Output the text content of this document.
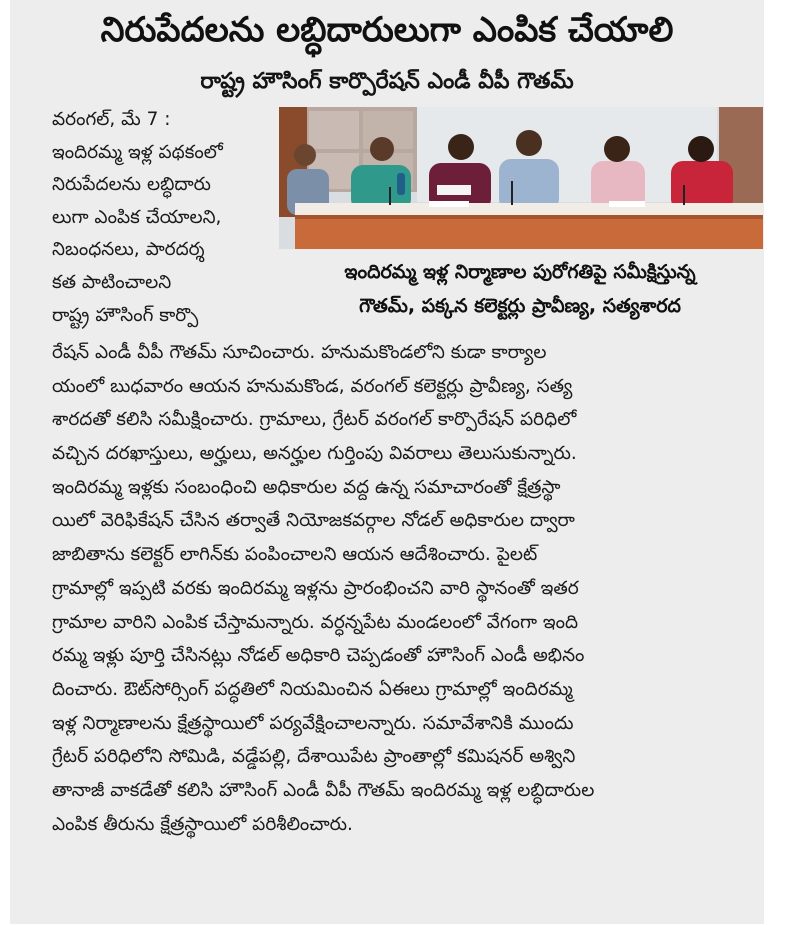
నిరుపేదలను లబ్ధిదారులుగా ఎంపిక చేయాలి
రాష్ట్ర హౌసింగ్ కార్పొరేషన్ ఎండీ వీపీ గౌతమ్
వరంగల్, మే 7 :
ఇందిరమ్మ ఇళ్ల పథకంలో
నిరుపేదలను లబ్ధిదారు
లుగా ఎంపిక చేయాలని,
నిబంధనలు, పారదర్శ
కత పాటించాలని
రాష్ట్ర హౌసింగ్ కార్పొ
ఇందిరమ్మ ఇళ్ల నిర్మాణాల పురోగతిపై సమీక్షిస్తున్న
గౌతమ్, పక్కన కలెక్టర్లు ప్రావీణ్య, సత్యశారద
రేషన్ ఎండీ వీపీ గౌతమ్ సూచించారు. హనుమకొండలోని కుడా కార్యాల
యంలో బుధవారం ఆయన హనుమకొండ, వరంగల్ కలెక్టర్లు ప్రావీణ్య, సత్య
శారదతో కలిసి సమీక్షించారు. గ్రామాలు, గ్రేటర్ వరంగల్ కార్పొరేషన్ పరిధిలో
వచ్చిన దరఖాస్తులు, అర్హులు, అనర్హుల గుర్తింపు వివరాలు తెలుసుకున్నారు.
ఇందిరమ్మ ఇళ్లకు సంబంధించి అధికారుల వద్ద ఉన్న సమాచారంతో క్షేత్రస్థా
యిలో వెరిఫికేషన్ చేసిన తర్వాతే నియోజకవర్గాల నోడల్ అధికారుల ద్వారా
జాబితాను కలెక్టర్ లాగిన్‌కు పంపించాలని ఆయన ఆదేశించారు. పైలట్
గ్రామాల్లో ఇప్పటి వరకు ఇందిరమ్మ ఇళ్లను ప్రారంభించని వారి స్థానంతో ఇతర
గ్రామాల వారిని ఎంపిక చేస్తామన్నారు. వర్ధన్నపేట మండలంలో వేగంగా ఇంది
రమ్మ ఇళ్లు పూర్తి చేసినట్లు నోడల్ అధికారి చెప్పడంతో హౌసింగ్ ఎండీ అభినం
దించారు. ఔట్‌సోర్సింగ్ పద్ధతిలో నియమించిన ఏఈలు గ్రామాల్లో ఇందిరమ్మ
ఇళ్ల నిర్మాణాలను క్షేత్రస్థాయిలో పర్యవేక్షించాలన్నారు. సమావేశానికి ముందు
గ్రేటర్ పరిధిలోని సోమిడి, వడ్డేపల్లి, దేశాయిపేట ప్రాంతాల్లో కమిషనర్ అశ్విని
తానాజీ వాకడేతో కలిసి హౌసింగ్ ఎండీ వీపీ గౌతమ్ ఇందిరమ్మ ఇళ్ల లబ్ధిదారుల
ఎంపిక తీరును క్షేత్రస్థాయిలో పరిశీలించారు.
